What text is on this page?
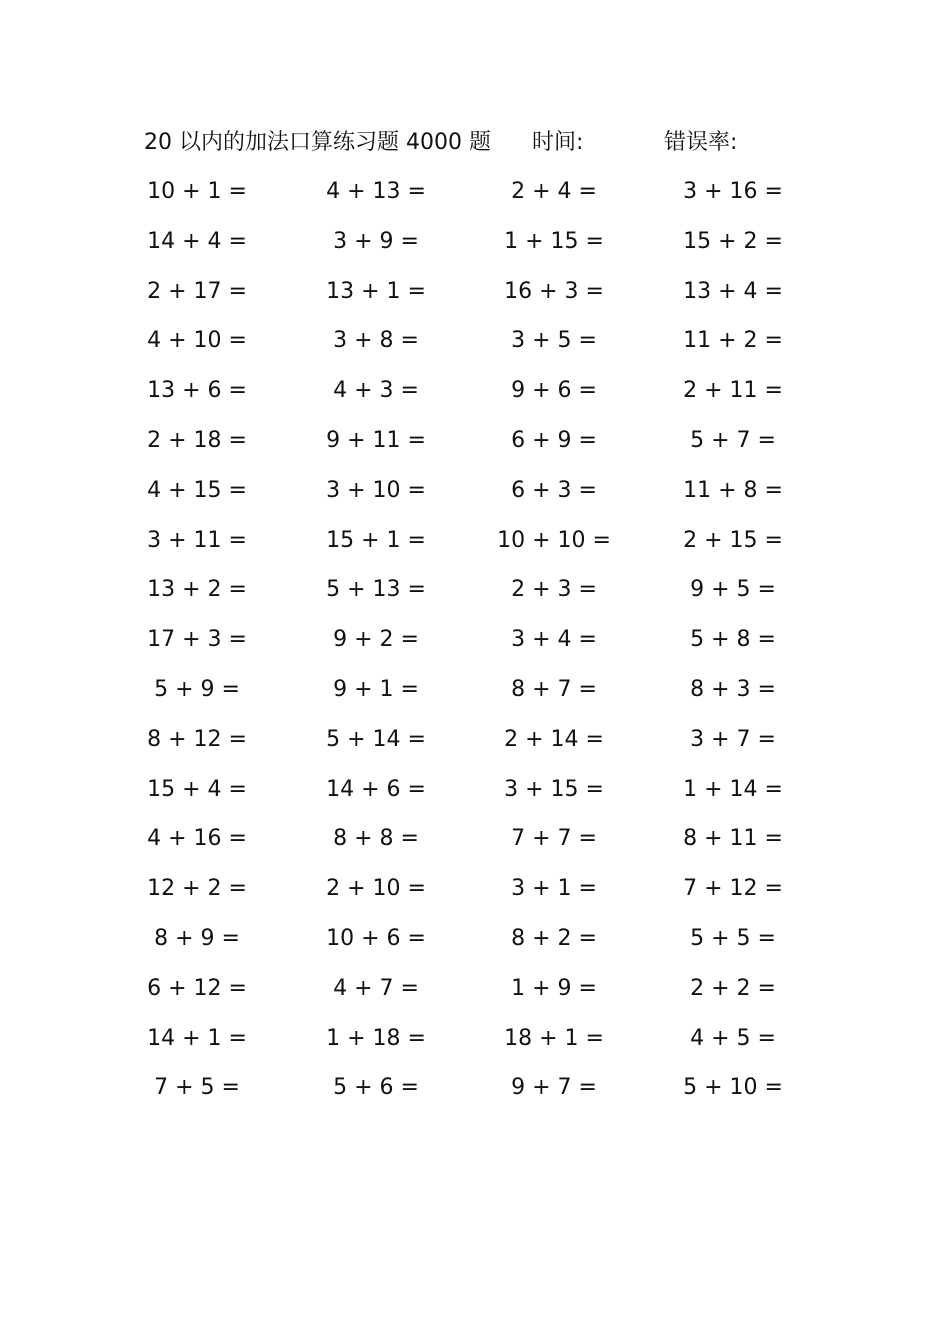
20 以内的加法口算练习题 4000 题 时间:	错误率:
10 + 1 =	4 + 13 =	2 + 4 =	3 + 16 =
14 + 4 =	3 + 9 =	1 + 15 =	15 + 2 =
2 + 17 =	13 + 1 =	16 + 3 =	13 + 4 =
4 + 10 =	3 + 8 =	3 + 5 =	11 + 2 =
13 + 6 =	4 + 3 =	9 + 6 =	2 + 11 =
2 + 18 =	9 + 11 =	6 + 9 =	5 + 7 =
4 + 15 =	3 + 10 =	6 + 3 =	11 + 8 =
3 + 11 =	15 + 1 =	10 + 10 =	2 + 15 =
13 + 2 =	5 + 13 =	2 + 3 =	9 + 5 =
17 + 3 =	9 + 2 =	3 + 4 =	5 + 8 =
5 + 9 =	9 + 1 =	8 + 7 =	8 + 3 =
8 + 12 =	5 + 14 =	2 + 14 =	3 + 7 =
15 + 4 =	14 + 6 =	3 + 15 =	1 + 14 =
4 + 16 =	8 + 8 =	7 + 7 =	8 + 11 =
12 + 2 =	2 + 10 =	3 + 1 =	7 + 12 =
8 + 9 =	10 + 6 =	8 + 2 =	5 + 5 =
6 + 12 =	4 + 7 =	1 + 9 =	2 + 2 =
14 + 1 =	1 + 18 =	18 + 1 =	4 + 5 =
7 + 5 =	5 + 6 =	9 + 7 =	5 + 10 =
